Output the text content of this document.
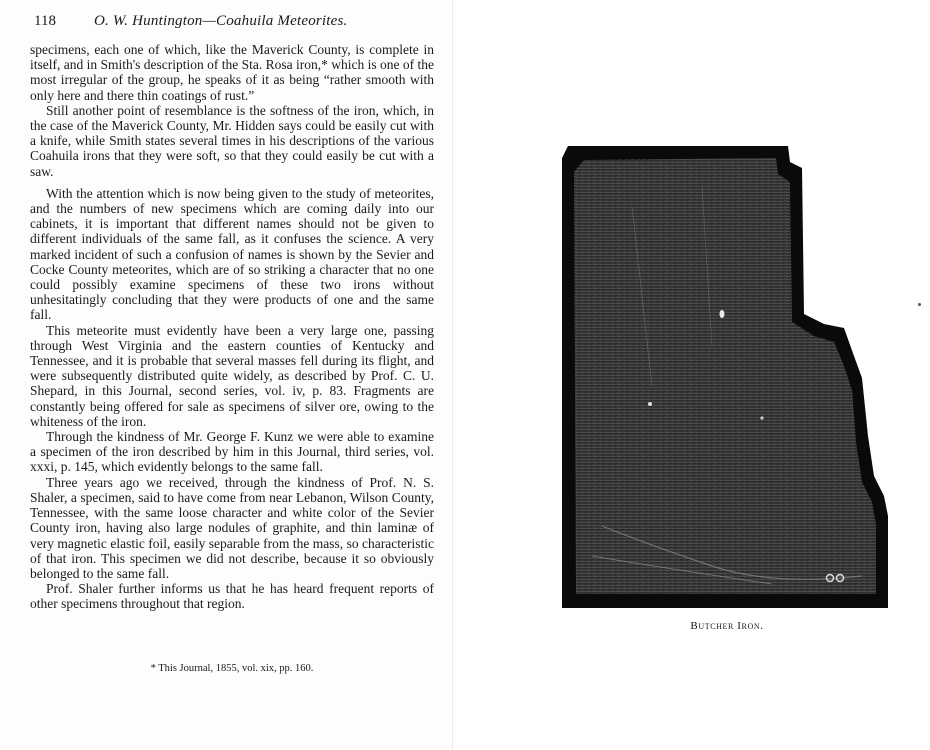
118	O. W. Huntington—Coahuila Meteorites.

specimens, each one of which, like the Maverick County, is complete in itself, and in Smith's description of the Sta. Rosa iron,* which is one of the most irregular of the group, he speaks of it as being “rather smooth with only here and there thin coatings of rust.”

Still another point of resemblance is the softness of the iron, which, in the case of the Maverick County, Mr. Hidden says could be easily cut with a knife, while Smith states several times in his descriptions of the various Coahuila irons that they were soft, so that they could easily be cut with a saw.

With the attention which is now being given to the study of meteorites, and the numbers of new specimens which are coming daily into our cabinets, it is important that different names should not be given to different individuals of the same fall, as it confuses the science. A very marked incident of such a confusion of names is shown by the Sevier and Cocke County meteorites, which are of so striking a character that no one could possibly examine specimens of these two irons without unhesitatingly concluding that they were products of one and the same fall.

This meteorite must evidently have been a very large one, passing through West Virginia and the eastern counties of Kentucky and Tennessee, and it is probable that several masses fell during its flight, and were subsequently distributed quite widely, as described by Prof. C. U. Shepard, in this Journal, second series, vol. iv, p. 83. Fragments are constantly being offered for sale as specimens of silver ore, owing to the whiteness of the iron.

Through the kindness of Mr. George F. Kunz we were able to examine a specimen of the iron described by him in this Journal, third series, vol. xxxi, p. 145, which evidently belongs to the same fall.

Three years ago we received, through the kindness of Prof. N. S. Shaler, a specimen, said to have come from near Lebanon, Wilson County, Tennessee, with the same loose character and white color of the Sevier County iron, having also large nodules of graphite, and thin laminæ of very magnetic elastic foil, easily separable from the mass, so characteristic of that iron. This specimen we did not describe, because it so obviously belonged to the same fall.

Prof. Shaler further informs us that he has heard frequent reports of other specimens throughout that region.

* This Journal, 1855, vol. xix, pp. 160.
Butcher Iron.
